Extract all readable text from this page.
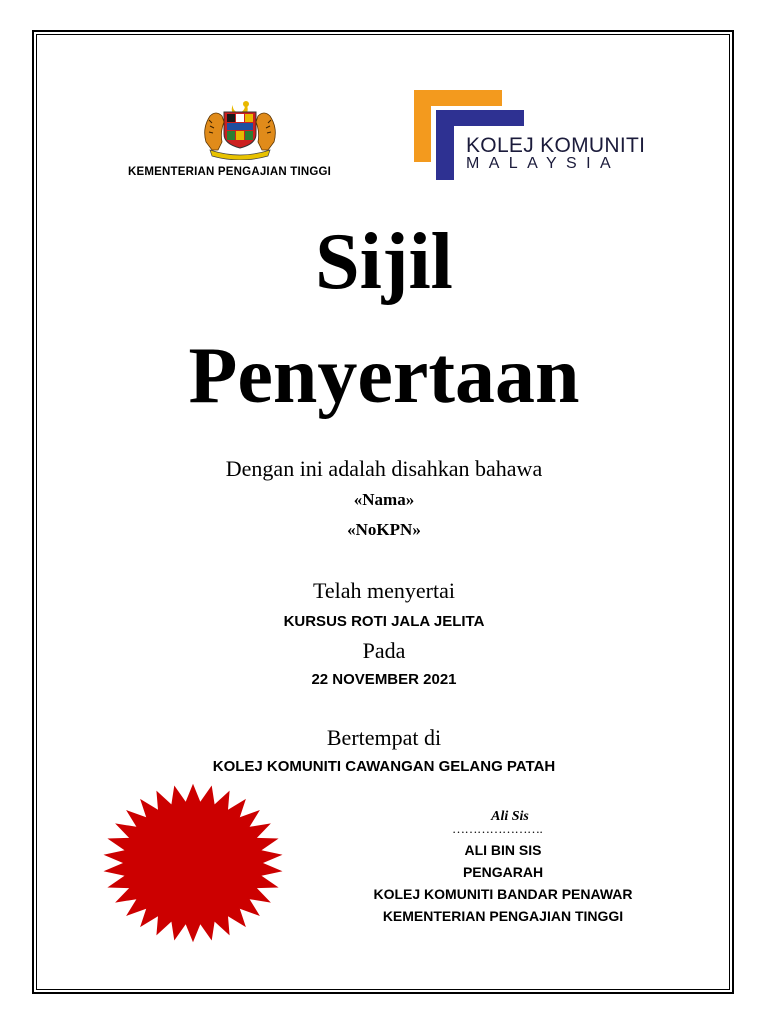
KEMENTERIAN PENGAJIAN TINGGI
KOLEJ KOMUNITI
MALAYSIA
Sijil
Penyertaan
Dengan ini adalah disahkan bahawa
«Nama»
«NoKPN»
Telah menyertai
KURSUS ROTI JALA JELITA
Pada
22 NOVEMBER 2021
Bertempat di
KOLEJ KOMUNITI CAWANGAN GELANG PATAH
Ali Sis
………………….
ALI BIN SIS
PENGARAH
KOLEJ KOMUNITI BANDAR PENAWAR
KEMENTERIAN PENGAJIAN TINGGI
